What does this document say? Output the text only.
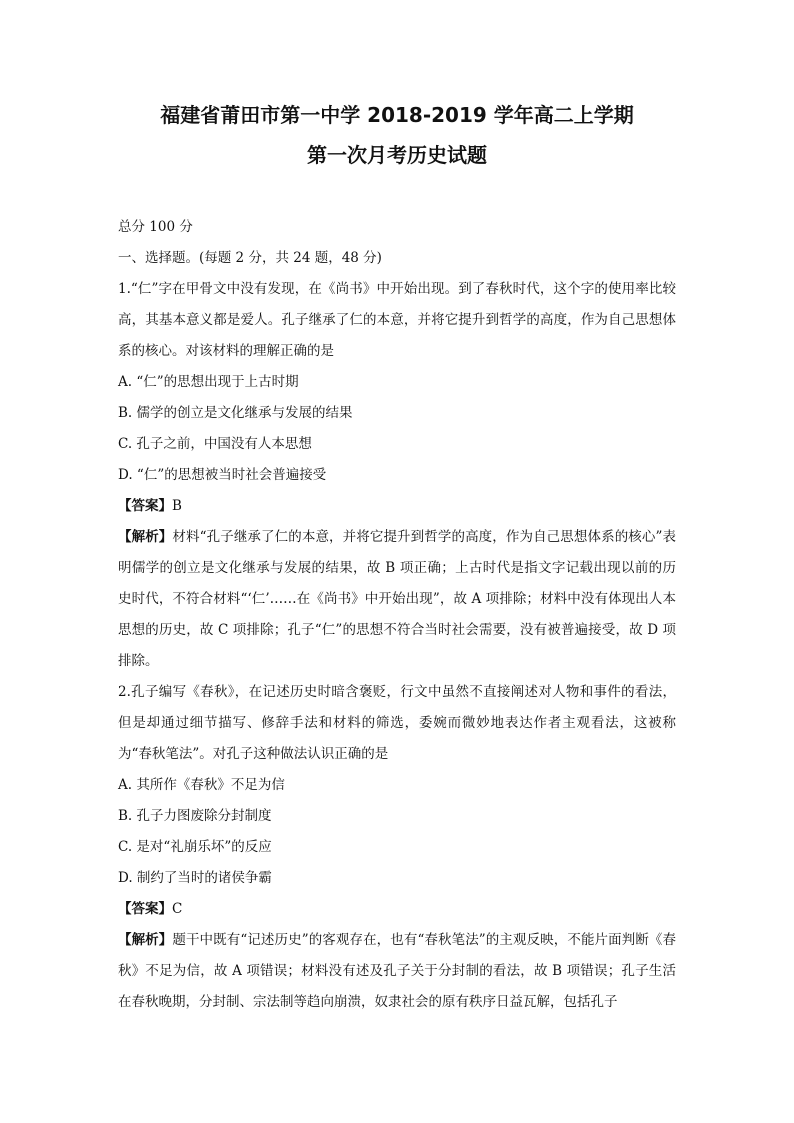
福建省莆田市第一中学 2018-2019 学年高二上学期
第一次月考历史试题

总分 100 分

一、选择题。(每题 2 分，共 24 题，48 分)

1.“仁”字在甲骨文中没有发现，在《尚书》中开始出现。到了春秋时代，这个字的使用率比较高，其基本意义都是爱人。孔子继承了仁的本意，并将它提升到哲学的高度，作为自己思想体系的核心。对该材料的理解正确的是

A. “仁”的思想出现于上古时期

B. 儒学的创立是文化继承与发展的结果

C. 孔子之前，中国没有人本思想

D. “仁”的思想被当时社会普遍接受

【答案】B

【解析】材料“孔子继承了仁的本意，并将它提升到哲学的高度，作为自己思想体系的核心”表明儒学的创立是文化继承与发展的结果，故 B 项正确；上古时代是指文字记载出现以前的历史时代，不符合材料“‘仁’……在《尚书》中开始出现”，故 A 项排除；材料中没有体现出人本思想的历史，故 C 项排除；孔子“仁”的思想不符合当时社会需要，没有被普遍接受，故 D 项排除。

2.孔子编写《春秋》，在记述历史时暗含褒贬，行文中虽然不直接阐述对人物和事件的看法，但是却通过细节描写、修辞手法和材料的筛选，委婉而微妙地表达作者主观看法，这被称为“春秋笔法”。对孔子这种做法认识正确的是

A. 其所作《春秋》不足为信

B. 孔子力图废除分封制度

C. 是对“礼崩乐坏”的反应

D. 制约了当时的诸侯争霸

【答案】C

【解析】题干中既有“记述历史”的客观存在，也有“春秋笔法”的主观反映，不能片面判断《春秋》不足为信，故 A 项错误；材料没有述及孔子关于分封制的看法，故 B 项错误；孔子生活在春秋晚期，分封制、宗法制等趋向崩溃，奴隶社会的原有秩序日益瓦解，包括孔子
